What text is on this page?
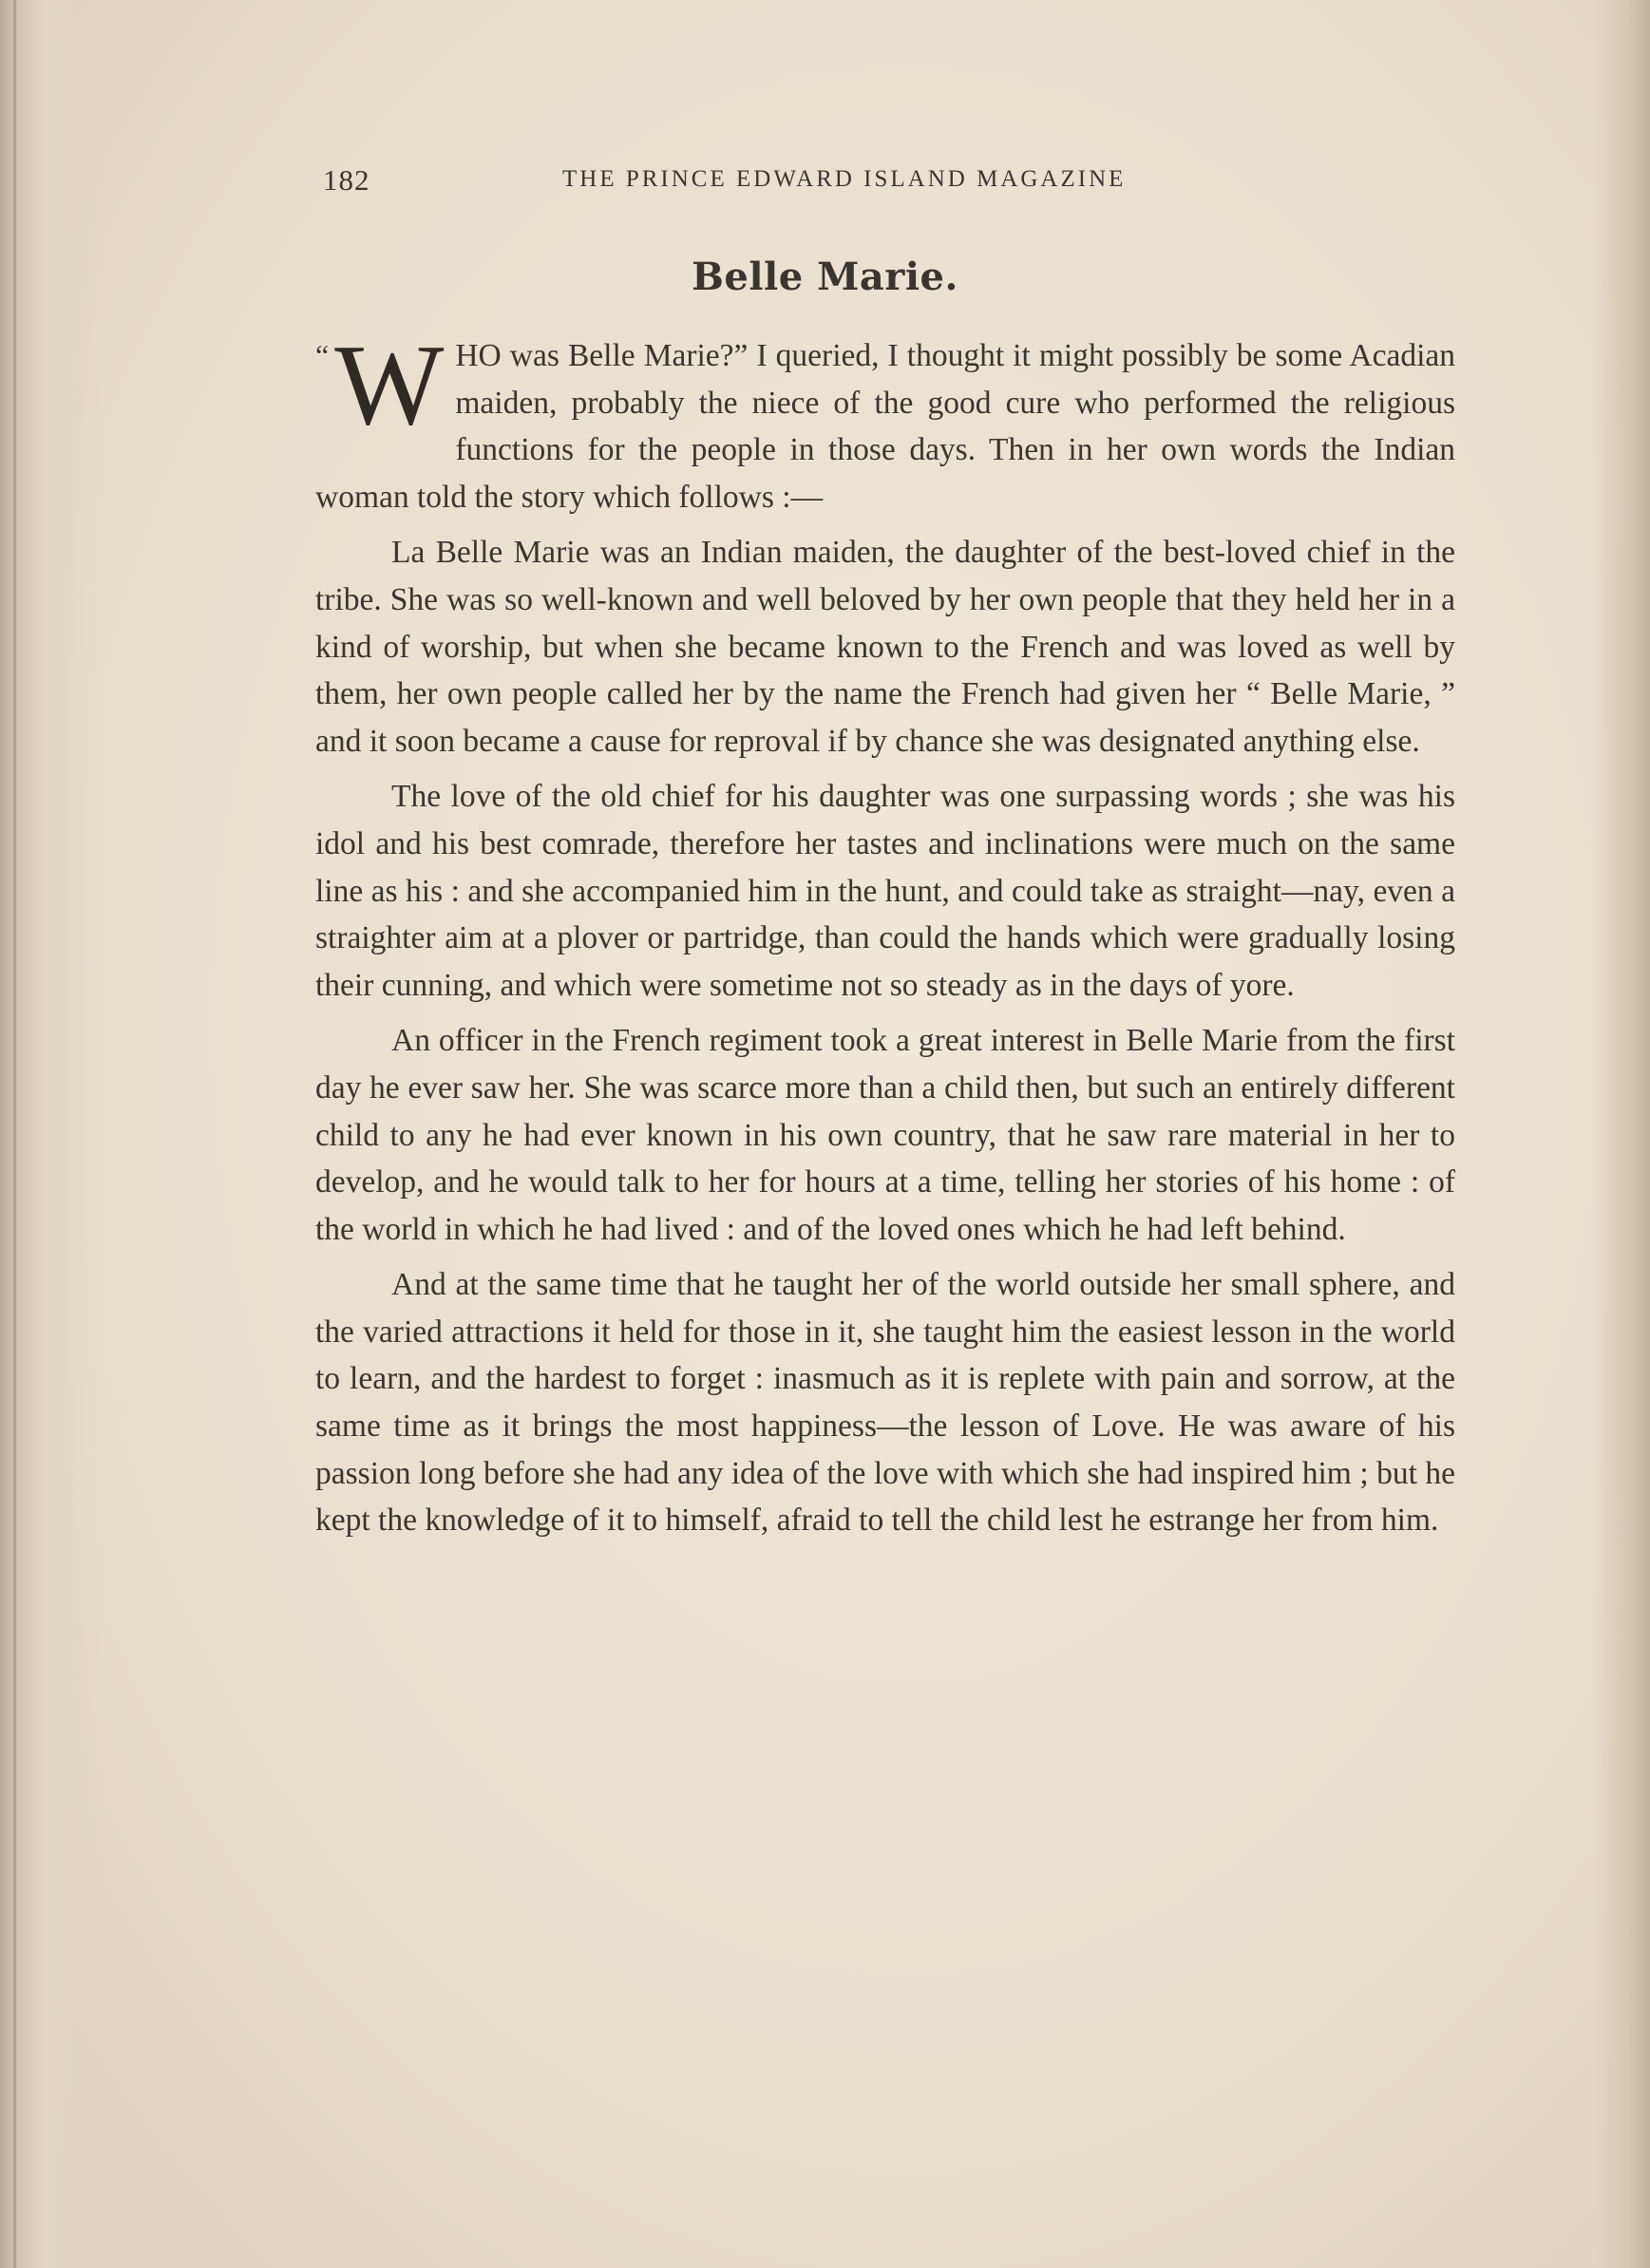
182	THE PRINCE EDWARD ISLAND MAGAZINE
Belle Marie.

“ W HO was Belle Marie?” I queried, I thought it might possibly be some Acadian maiden, probably the niece of the good cure who performed the religious functions for the people in those days. Then in her own words the Indian woman told the story which follows :—

La Belle Marie was an Indian maiden, the daughter of the best-loved chief in the tribe. She was so well-known and well beloved by her own people that they held her in a kind of worship, but when she became known to the French and was loved as well by them, her own people called her by the name the French had given her “ Belle Marie, ” and it soon became a cause for reproval if by chance she was designated anything else.

The love of the old chief for his daughter was one surpassing words ; she was his idol and his best comrade, therefore her tastes and inclinations were much on the same line as his : and she accompanied him in the hunt, and could take as straight—nay, even a straighter aim at a plover or partridge, than could the hands which were gradually losing their cunning, and which were sometime not so steady as in the days of yore.

An officer in the French regiment took a great interest in Belle Marie from the first day he ever saw her. She was scarce more than a child then, but such an entirely different child to any he had ever known in his own country, that he saw rare material in her to develop, and he would talk to her for hours at a time, telling her stories of his home : of the world in which he had lived : and of the loved ones which he had left behind.

And at the same time that he taught her of the world outside her small sphere, and the varied attractions it held for those in it, she taught him the easiest lesson in the world to learn, and the hardest to forget : inasmuch as it is replete with pain and sorrow, at the same time as it brings the most happiness—the lesson of Love. He was aware of his passion long before she had any idea of the love with which she had inspired him ; but he kept the knowledge of it to himself, afraid to tell the child lest he estrange her from him.
